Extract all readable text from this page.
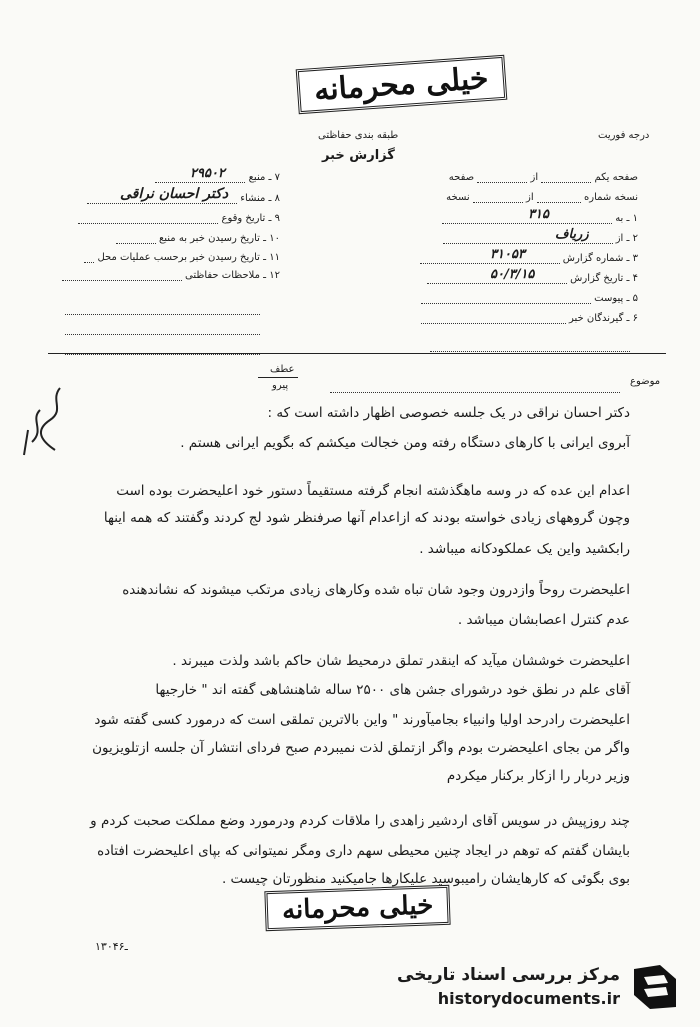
خیلی محرمانه
طبقه بندی حفاظتی
گزارش خبر
درجه فوریت
۷ ـ منبع
۲۹۵۰۲
۸ ـ منشاء
دکتر احسان نراقی
۹ ـ تاریخ وقوع
۱۰ ـ تاریخ رسیدن خبر به منبع
۱۱ ـ تاریخ رسیدن خبر برحسب عملیات محل
۱۲ ـ ملاحظات حفاظتی
صفحه یکم  از  صفحه
نسخه شماره  از  نسخه
۱ ـ به
۳۱۵
۲ ـ از
زریاف
۳ ـ شماره گزارش
۳۱۰۵۳
۴ ـ تاریخ گزارش
۵۰/۳/۱۵
۵ ـ پیوست
۶ ـ گیرندگان خبر
عطف
پیرو	موضوع
دکتر احسان نراقی در یک جلسه خصوصی اظهار داشته است که :
آبروی ایرانی با کارهای دستگاه رفته ومن خجالت میکشم که بگویم ایرانی هستم .
اعدام این عده که در وسه ماهگذشته انجام گرفته مستقیماً دستور خود اعلیحضرت بوده است
وچون گروههای زیادی خواسته بودند که ازاعدام آنها صرفنظر شود لج کردند وگفتند که همه اینها
رابکشید واین یک عملکودکانه میباشد .
اعلیحضرت روحاً وازدرون وجود شان تباه شده وکارهای زیادی مرتکب میشوند که نشاندهنده
عدم کنترل اعصابشان میباشد .
اعلیحضرت خوششان میآید که اینقدر تملق درمحیط شان حاکم باشد ولذت میبرند .
آقای علم در نطق خود درشورای جشن های ۲۵۰۰ ساله شاهنشاهی گفته اند " خارجیها
اعلیحضرت رادرحد اولیا وانبیاء بجامیآورند " واین بالاترین تملقی است که درمورد کسی گفته شود
واگر من بجای اعلیحضرت بودم واگر ازتملق لذت نمیبردم صبح فردای انتشار آن جلسه ازتلویزیون
وزیر دربار را ازکار برکنار میکردم
چند روزپیش در سویس آقای اردشیر زاهدی را ملاقات کردم ودرمورد وضع مملکت صحبت کردم و
بایشان گفتم که توهم در ایجاد چنین محیطی سهم داری ومگر نمیتوانی که بپای اعلیحضرت افتاده
بوی بگوئی که کارهایشان رامیبوسید علیکارها جامیکنید منظورتان چیست .
خیلی محرمانه
۱۳۰ـ۴۶
مرکز بررسی اسناد تاریخی
historydocuments.ir
